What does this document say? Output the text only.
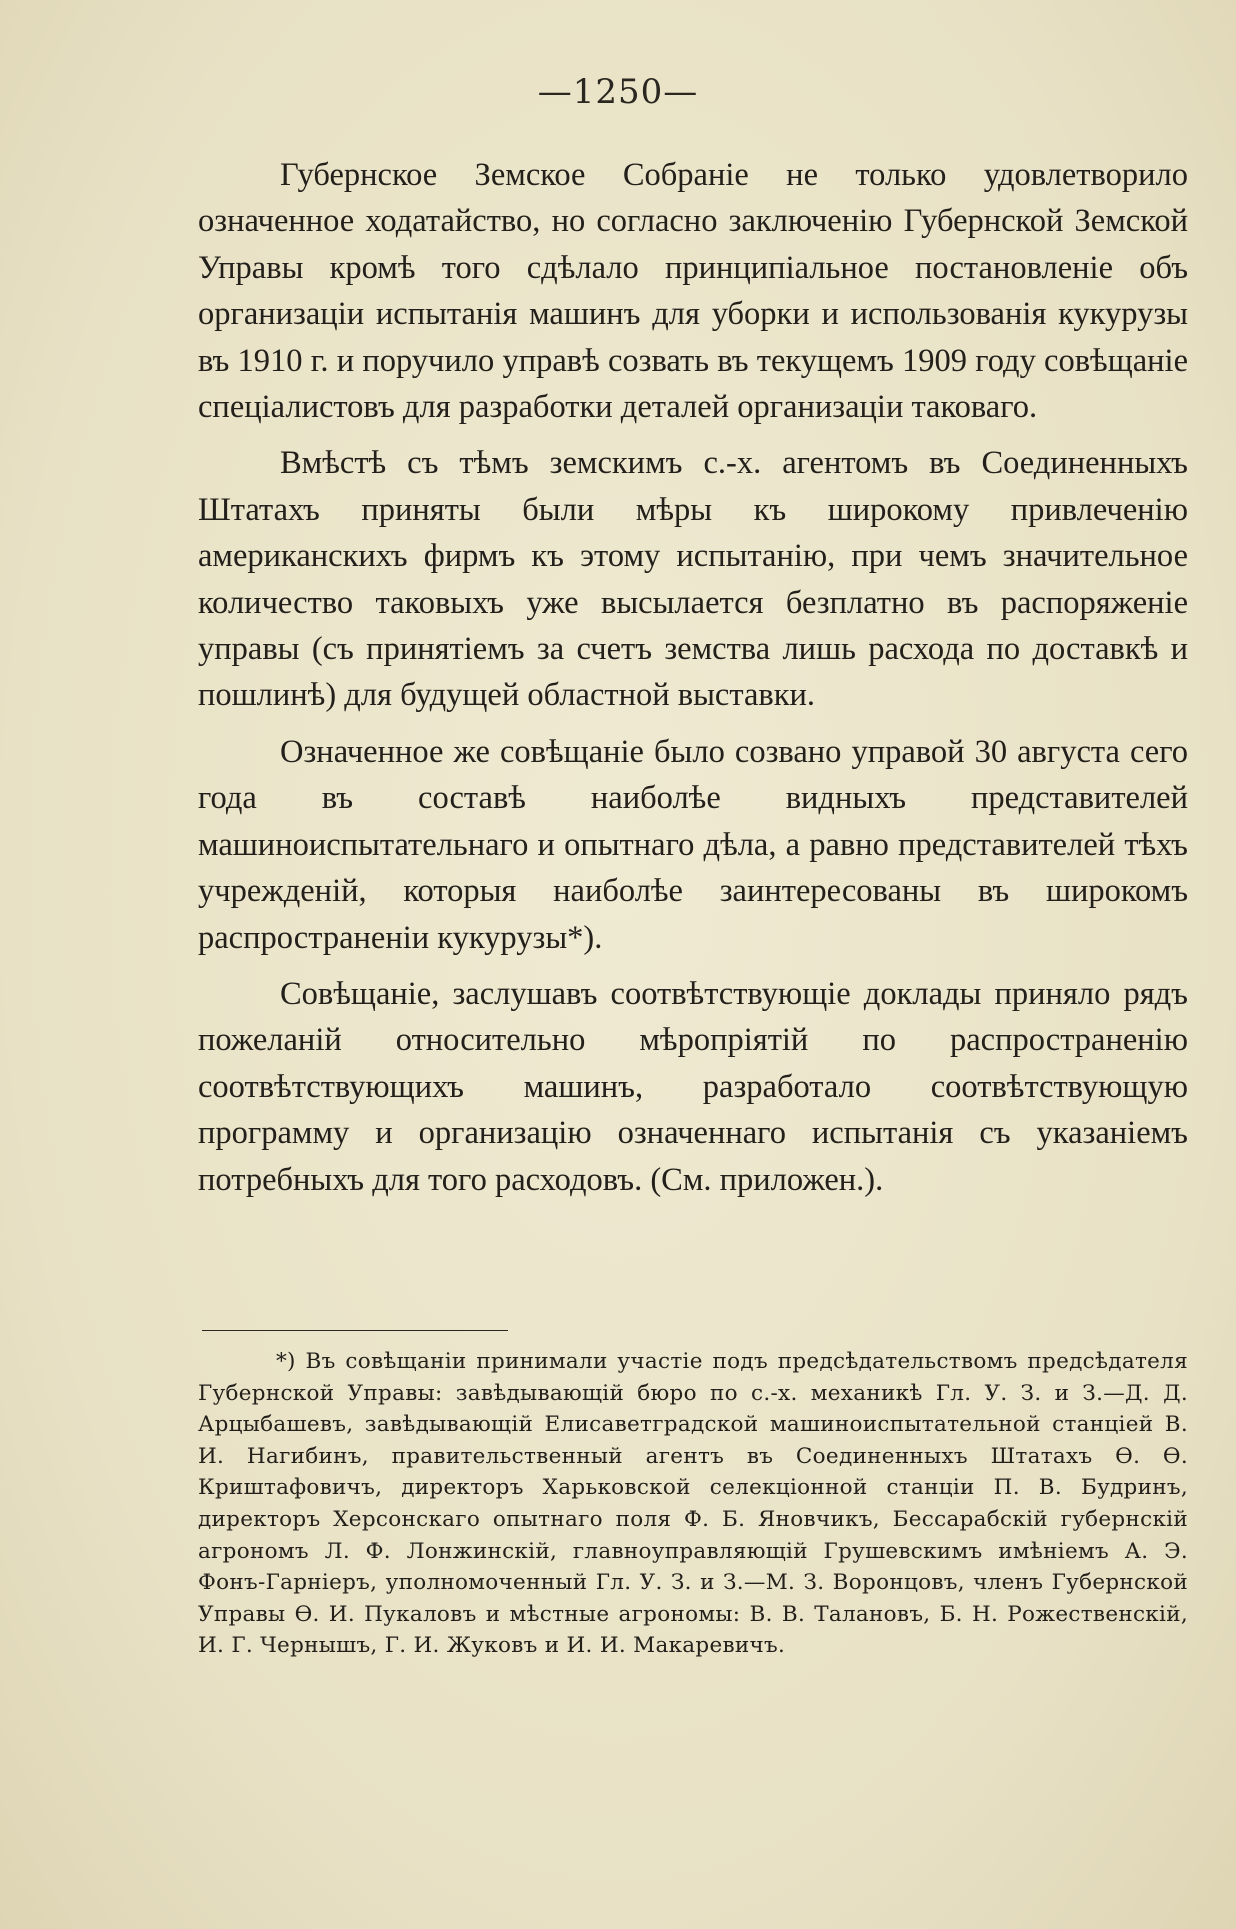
—1250—

Губернское Земское Собраніе не только удовлетворило означенное ходатайство, но согласно заключенію Губернской Земской Управы кромѣ того сдѣлало принципіальное постановленіе объ организаціи испытанія машинъ для уборки и использованія кукурузы въ 1910 г. и поручило управѣ созвать въ текущемъ 1909 году совѣщаніе спеціалистовъ для разработки деталей организаціи таковаго.

Вмѣстѣ съ тѣмъ земскимъ с.-х. агентомъ въ Соединенныхъ Штатахъ приняты были мѣры къ широкому привлеченію американскихъ фирмъ къ этому испытанію, при чемъ значительное количество таковыхъ уже высылается безплатно въ распоряженіе управы (съ принятіемъ за счетъ земства лишь расхода по доставкѣ и пошлинѣ) для будущей областной выставки.

Означенное же совѣщаніе было созвано управой 30 августа сего года въ составѣ наиболѣе видныхъ представителей машиноиспытательнаго и опытнаго дѣла, а равно представителей тѣхъ учрежденій, которыя наиболѣе заинтересованы въ широкомъ распространеніи кукурузы*).

Совѣщаніе, заслушавъ соотвѣтствующіе доклады приняло рядъ пожеланій относительно мѣропріятій по распространенію соотвѣтствующихъ машинъ, разработало соотвѣтствующую программу и организацію означеннаго испытанія съ указаніемъ потребныхъ для того расходовъ. (См. приложен.).

*) Въ совѣщаніи принимали участіе подъ предсѣдательствомъ предсѣдателя Губернской Управы: завѣдывающій бюро по с.-х. механикѣ Гл. У. З. и З.—Д. Д. Арцыбашевъ, завѣдывающій Елисаветградской машиноиспытательной станціей В. И. Нагибинъ, правительственный агентъ въ Соединенныхъ Штатахъ Ѳ. Ѳ. Криштафовичъ, директоръ Харьковской селекціонной станціи П. В. Будринъ, директоръ Херсонскаго опытнаго поля Ф. Б. Яновчикъ, Бессарабскій губернскій агрономъ Л. Ф. Лонжинскій, главноуправляющій Грушевскимъ имѣніемъ А. Э. Фонъ-Гарніеръ, уполномоченный Гл. У. З. и З.—М. З. Воронцовъ, членъ Губернской Управы Ѳ. И. Пукаловъ и мѣстные агрономы: В. В. Талановъ, Б. Н. Рожественскій, И. Г. Чернышъ, Г. И. Жуковъ и И. И. Макаревичъ.
